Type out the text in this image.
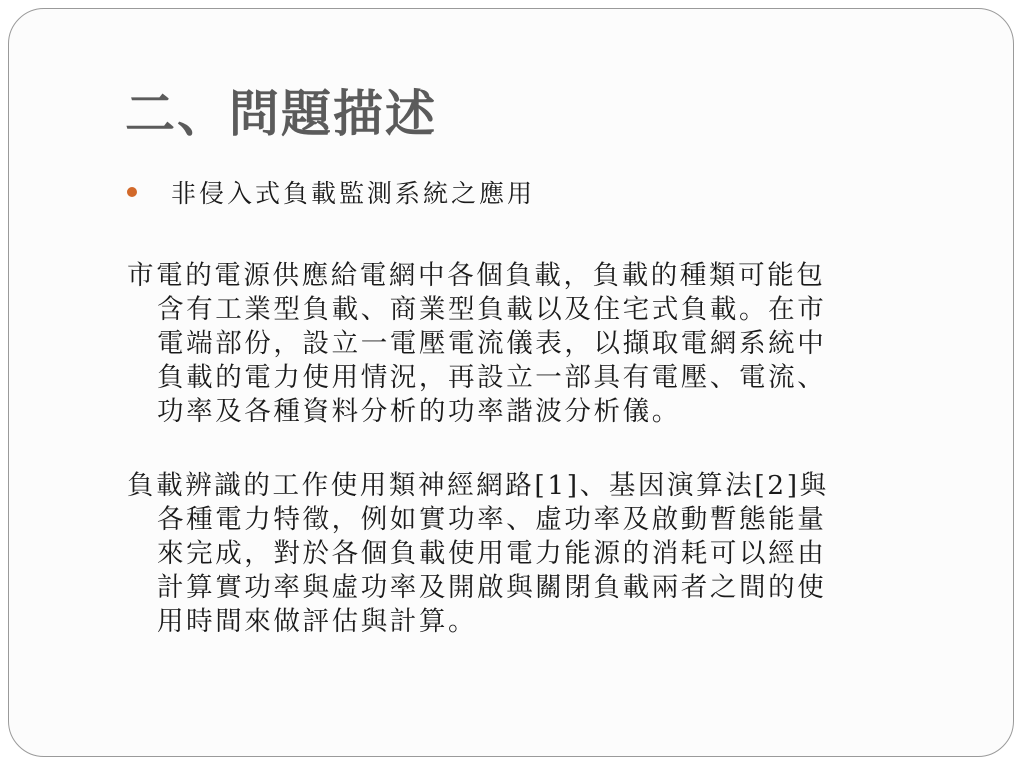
二、問題描述
非侵入式負載監測系統之應用
市電的電源供應給電網中各個負載，負載的種類可能包
含有工業型負載、商業型負載以及住宅式負載。在市
電端部份，設立一電壓電流儀表，以擷取電網系統中
負載的電力使用情況，再設立一部具有電壓、電流、
功率及各種資料分析的功率諧波分析儀。
負載辨識的工作使用類神經網路[1]、基因演算法[2]與
各種電力特徵，例如實功率、虛功率及啟動暫態能量
來完成，對於各個負載使用電力能源的消耗可以經由
計算實功率與虛功率及開啟與關閉負載兩者之間的使
用時間來做評估與計算。
